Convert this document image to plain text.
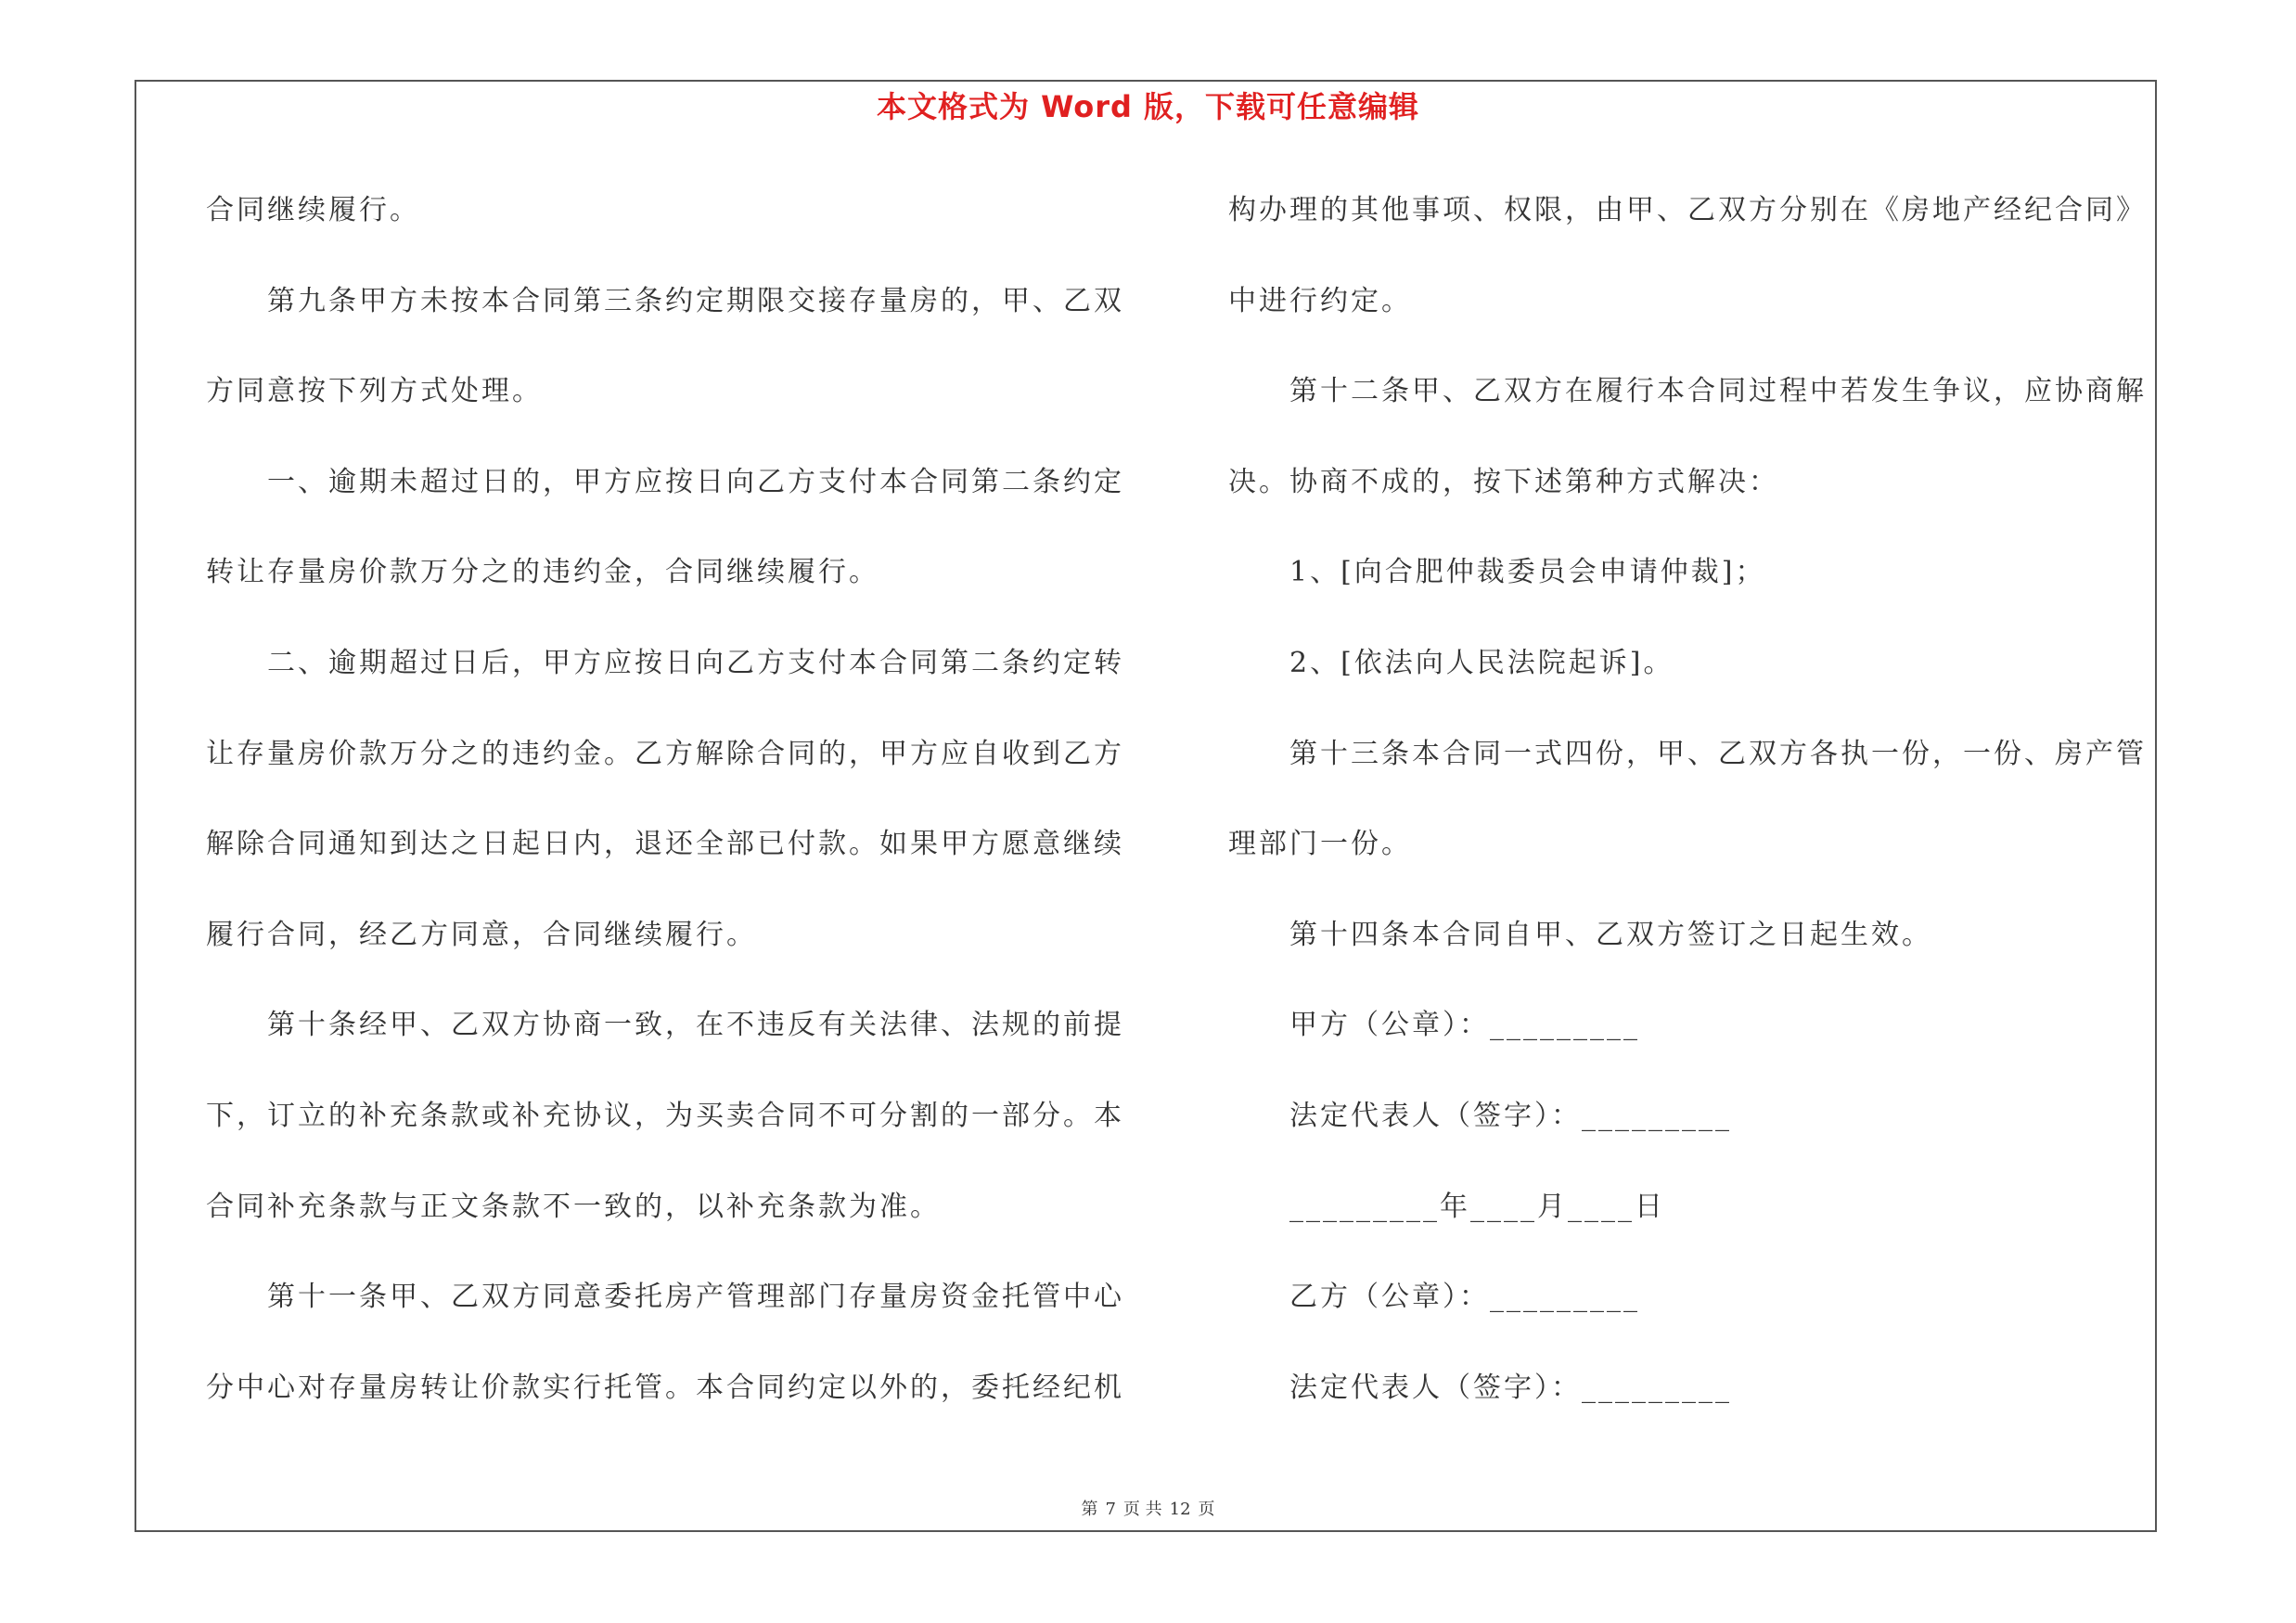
本文格式为 Word 版，下载可任意编辑
合同继续履行。
第九条甲方未按本合同第三条约定期限交接存量房的，甲、乙双
方同意按下列方式处理。
一、逾期未超过日的，甲方应按日向乙方支付本合同第二条约定
转让存量房价款万分之的违约金，合同继续履行。
二、逾期超过日后，甲方应按日向乙方支付本合同第二条约定转
让存量房价款万分之的违约金。乙方解除合同的，甲方应自收到乙方
解除合同通知到达之日起日内，退还全部已付款。如果甲方愿意继续
履行合同，经乙方同意，合同继续履行。
第十条经甲、乙双方协商一致，在不违反有关法律、法规的前提
下，订立的补充条款或补充协议，为买卖合同不可分割的一部分。本
合同补充条款与正文条款不一致的，以补充条款为准。
第十一条甲、乙双方同意委托房产管理部门存量房资金托管中心
分中心对存量房转让价款实行托管。本合同约定以外的，委托经纪机
构办理的其他事项、权限，由甲、乙双方分别在《房地产经纪合同》
中进行约定。
第十二条甲、乙双方在履行本合同过程中若发生争议，应协商解
决。协商不成的，按下述第种方式解决：
1、[向合肥仲裁委员会申请仲裁]；
2、[依法向人民法院起诉]。
第十三条本合同一式四份，甲、乙双方各执一份，一份、房产管
理部门一份。
第十四条本合同自甲、乙双方签订之日起生效。
甲方（公章）：_________
法定代表人（签字）：_________
_________年____月____日
乙方（公章）：_________
法定代表人（签字）：_________
第 7 页 共 12 页
